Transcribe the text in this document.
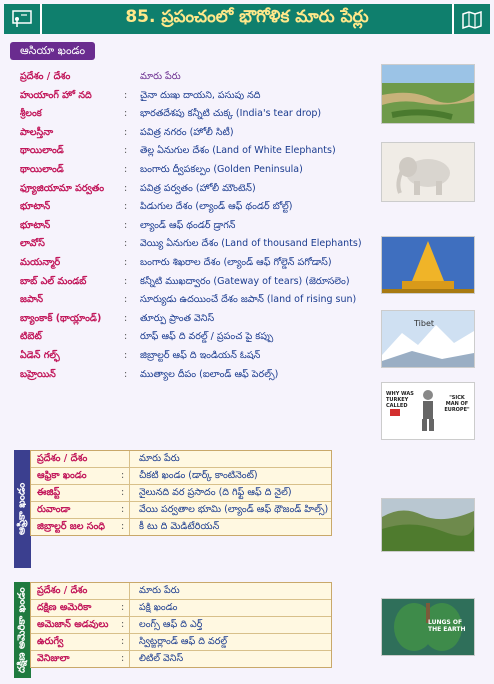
85. ప్రపంచంలో భౌగోళిక మారు పేర్లు
ఆసియా ఖండం
ప్రదేశం / దేశం	మారు పేరు
హుయాంగ్ హో నది	: చైనా దుఃఖ దాయని, పసుపు నది
శ్రీలంక	: భారతదేశపు కన్నీటి చుక్క (India's tear drop)
పాలస్తీనా	: పవిత్ర నగరం (హోలీ సిటీ)
థాయిలాండ్	: తెల్ల ఏనుగుల దేశం (Land of White Elephants)
థాయిలాండ్	: బంగారు ద్వీపకల్పం (Golden Peninsula)
ఫ్యూజియామా పర్వతం : పవిత్ర పర్వతం (హోలీ మౌంటెన్)
భూటాన్	: పిడుగుల దేశం (ల్యాండ్ ఆఫ్ థండర్ బోల్ట్)
భూటాన్	: ల్యాండ్ ఆఫ్ థండర్ డ్రాగన్
లావోస్	: వెయ్యి ఏనుగుల దేశం (Land of thousand Elephants)
మయన్మార్	: బంగారు శిఖరాల దేశం (ల్యాండ్ ఆఫ్ గోల్డెన్ పగోడాస్)
బాబ్ ఎల్ మండబ్	: కన్నీటి ముఖద్వారం (Gateway of tears) (జెరూసలెం)
జపాన్	: సూర్యుడు ఉదయించే దేశం జపాన్ (land of rising sun)
బ్యాంకాక్ (థాయ్లాండ్) : తూర్పు ప్రాంత వెనిస్
టిబెట్	: రూఫ్ ఆఫ్ ది వరల్డ్ / ప్రపంచ పై కప్పు
ఏడెన్ గల్ఫ్	: జిబ్రాల్టర్ ఆఫ్ ది ఇండియన్ ఓషన్
బహ్రెయిన్	: ముత్యాల దీపం (ఐలాండ్ ఆఫ్ పెరల్స్)
Tibet
WHY WAS TURKEY CALLED
"SICK MAN OF EUROPE"
ఆఫ్రికా ఖండం
ప్రదేశం / దేశం	మారు పేరు
ఆఫ్రికా ఖండం	: చీకటి ఖండం (డార్క్ కాంటినెంట్)
ఈజిప్ట్	: నైలునది వర ప్రసాదం (ది గిఫ్ట్ ఆఫ్ ది నైల్)
రువాండా	: వేయి పర్వతాల భూమి (ల్యాండ్ ఆఫ్ థౌజండ్ హిల్స్)
జిబ్రాల్టర్ జల సంధి : కీ టు ది మెడిటేరియన్
దక్షిణ అమెరికా ఖండం ప్రదేశం / దేశం	మారు పేరు
దక్షిణ అమెరికా	: పక్షి ఖండం
అమెజాన్ అడవులు : లంగ్స్ ఆఫ్ ది ఎర్త్
ఉరుగ్వే	: స్విట్జర్లాండ్ ఆఫ్ ది వరల్డ్
వెనిజులా	: లిటిల్ వెనిస్
LUNGS OF THE EARTH
